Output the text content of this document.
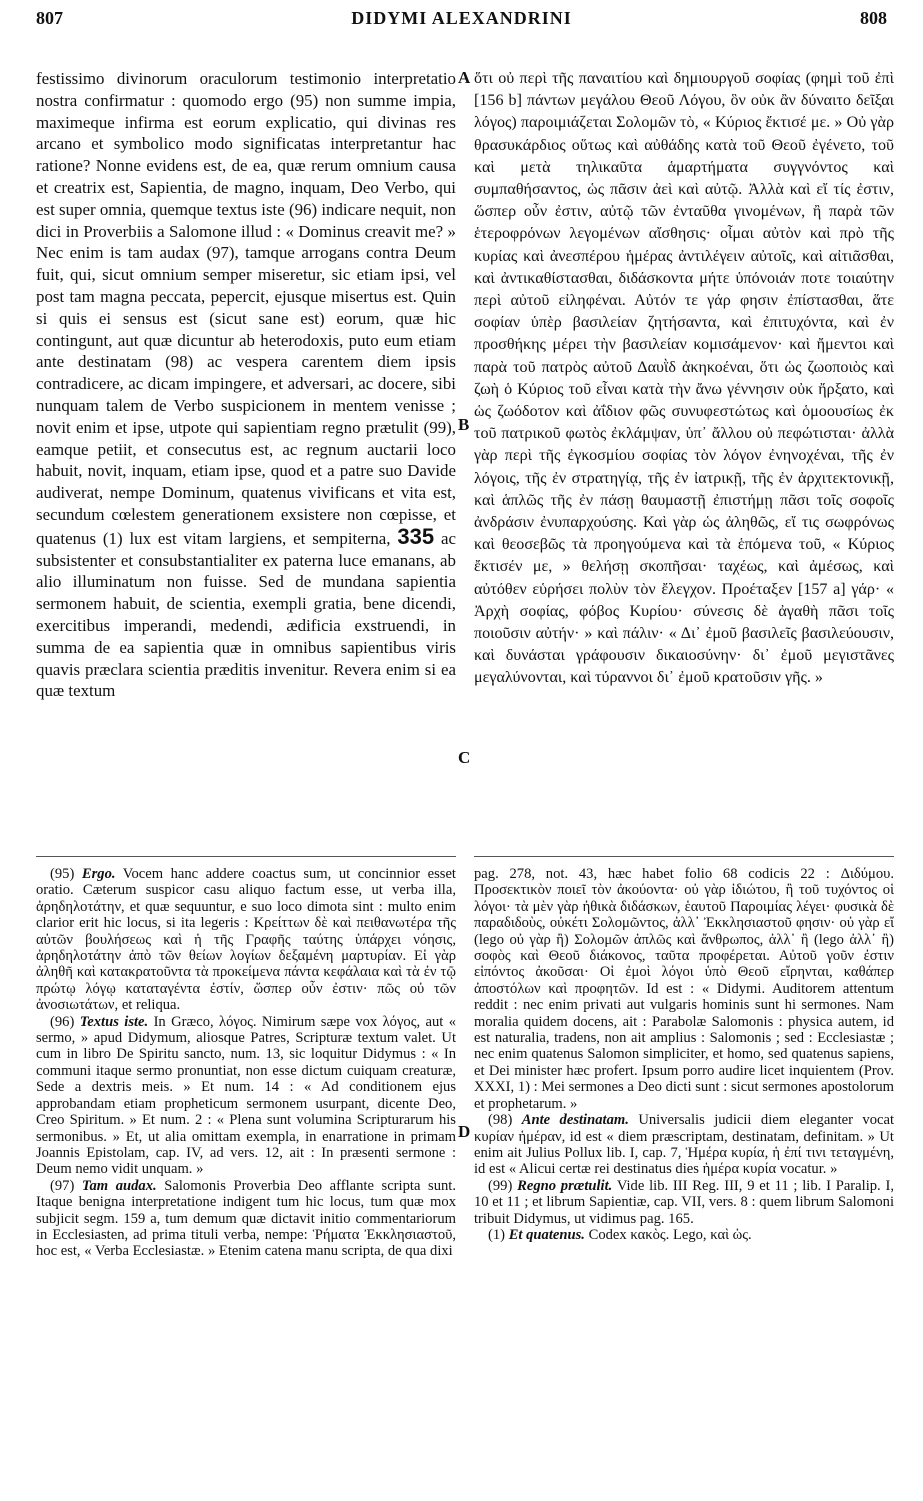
807	DIDYMI ALEXANDRINI	808

festissimo divinorum oraculorum testimonio interpretatio nostra confirmatur : quomodo ergo (95) non summe impia, maximeque infirma est eorum explicatio, qui divinas res arcano et symbolico modo significatas interpretantur hac ratione? Nonne evidens est, de ea, quæ rerum omnium causa et creatrix est, Sapientia, de magno, inquam, Deo Verbo, qui est super omnia, quemque textus iste (96) indicare nequit, non dici in Proverbiis a Salomone illud : « Dominus creavit me? » Nec enim is tam audax (97), tamque arrogans contra Deum fuit, qui, sicut omnium semper miseretur, sic etiam ipsi, vel post tam magna peccata, pepercit, ejusque misertus est. Quin si quis ei sensus est (sicut sane est) eorum, quæ hic contingunt, aut quæ dicuntur ab heterodoxis, puto eum etiam ante destinatam (98) ac vespera carentem diem ipsis contradicere, ac dicam impingere, et adversari, ac docere, sibi nunquam talem de Verbo suspicionem in mentem venisse ; novit enim et ipse, utpote qui sapientiam regno prætulit (99), eamque petiit, et consecutus est, ac regnum auctarii loco habuit, novit, inquam, etiam ipse, quod et a patre suo Davide audiverat, nempe Dominum, quatenus vivificans et vita est, secundum cœlestem generationem exsistere non cœpisse, et quatenus (1) lux est vitam largiens, et sempiterna, 335 ac subsistenter et consubstantialiter ex paterna luce emanans, ab alio illuminatum non fuisse. Sed de mundana sapientia sermonem habuit, de scientia, exempli gratia, bene dicendi, exercitibus imperandi, medendi, ædificia exstruendi, in summa de ea sapientia quæ in omnibus sapientibus viris quavis præclara scientia præditis invenitur. Revera enim si ea quæ textum

A
B
C
D

ὅτι οὐ περὶ τῆς παναιτίου καὶ δημιουργοῦ σοφίας (φημὶ τοῦ ἐπὶ [156 b] πάντων μεγάλου Θεοῦ Λόγου, ὃν οὐκ ἂν δύναιτο δεῖξαι λόγος) παροιμιάζεται Σολομῶν τὸ, « Κύριος ἔκτισέ με. » Οὐ γὰρ θρασυκάρδιος οὕτως καὶ αὐθάδης κατὰ τοῦ Θεοῦ ἐγένετο, τοῦ καὶ μετὰ τηλικαῦτα ἁμαρτήματα συγγνόντος καὶ συμπαθήσαντος, ὡς πᾶσιν ἀεὶ καὶ αὐτῷ. Ἀλλὰ καὶ εἴ τίς ἐστιν, ὥσπερ οὖν ἐστιν, αὐτῷ τῶν ἐνταῦθα γινομένων, ἢ παρὰ τῶν ἑτεροφρόνων λεγομένων αἴσθησις· οἶμαι αὐτὸν καὶ πρὸ τῆς κυρίας καὶ ἀνεσπέρου ἡμέρας ἀντιλέγειν αὐτοῖς, καὶ αἰτιᾶσθαι, καὶ ἀντικαθίστασθαι, διδάσκοντα μήτε ὑπόνοιάν ποτε τοιαύτην περὶ αὐτοῦ εἰληφέναι. Αὐτόν τε γάρ φησιν ἐπίστασθαι, ἅτε σοφίαν ὑπὲρ βασιλείαν ζητήσαντα, καὶ ἐπιτυχόντα, καὶ ἐν προσθήκης μέρει τὴν βασιλείαν κομισάμενον· καὶ ἤμεντοι καὶ παρὰ τοῦ πατρὸς αὐτοῦ Δαυῒδ ἀκηκοέναι, ὅτι ὡς ζωοποιὸς καὶ ζωὴ ὁ Κύριος τοῦ εἶναι κατὰ τὴν ἄνω γέννησιν οὐκ ἤρξατο, καὶ ὡς ζωόδοτον καὶ ἀΐδιον φῶς συνυφεστώτως καὶ ὁμοουσίως ἐκ τοῦ πατρικοῦ φωτὸς ἐκλάμψαν, ὑπ᾽ ἄλλου οὐ πεφώτισται· ἀλλὰ γὰρ περὶ τῆς ἐγκοσμίου σοφίας τὸν λόγον ἐνηνοχέναι, τῆς ἐν λόγοις, τῆς ἐν στρατηγίᾳ, τῆς ἐν ἰατρικῇ, τῆς ἐν ἀρχιτεκτονικῇ, καὶ ἁπλῶς τῆς ἐν πάσῃ θαυμαστῇ ἐπιστήμῃ πᾶσι τοῖς σοφοῖς ἀνδράσιν ἐνυπαρχούσης. Καὶ γὰρ ὡς ἀληθῶς, εἴ τις σωφρόνως καὶ θεοσεβῶς τὰ προηγούμενα καὶ τὰ ἑπόμενα τοῦ, « Κύριος ἔκτισέν με, » θελήσῃ σκοπῆσαι· ταχέως, καὶ ἀμέσως, καὶ αὐτόθεν εὑρήσει πολὺν τὸν ἔλεγχον. Προέταξεν [157 a] γάρ· « Ἀρχὴ σοφίας, φόβος Κυρίου· σύνεσις δὲ ἀγαθὴ πᾶσι τοῖς ποιοῦσιν αὐτήν· » καὶ πάλιν· « Δι᾽ ἐμοῦ βασιλεῖς βασιλεύουσιν, καὶ δυνάσται γράφουσιν δικαιοσύνην· δι᾽ ἐμοῦ μεγιστᾶνες μεγαλύνονται, καὶ τύραννοι δι᾽ ἐμοῦ κρατοῦσιν γῆς. »

(95) Ergo. Vocem hanc addere coactus sum, ut concinnior esset oratio. Cæterum suspicor casu aliquo factum esse, ut verba illa, ἀρηδηλοτάτην, et quæ sequuntur, e suo loco dimota sint : multo enim clarior erit hic locus, si ita legeris : Κρείττων δὲ καὶ πειθανωτέρα τῆς αὐτῶν βουλήσεως καὶ ἡ τῆς Γραφῆς ταύτης ὑπάρχει νόησις, ἀρηδηλοτάτην ἀπὸ τῶν θείων λογίων δεξαμένη μαρτυρίαν. Εἰ γὰρ ἀληθῆ καὶ κατακρατοῦντα τὰ προκείμενα πάντα κεφάλαια καὶ τὰ ἐν τῷ πρώτῳ λόγῳ καταταγέντα ἐστίν, ὥσπερ οὖν ἐστιν· πῶς οὐ τῶν ἀνοσιωτάτων, et reliqua.

(96) Textus iste. In Græco, λόγος. Nimirum sæpe vox λόγος, aut « sermo, » apud Didymum, aliosque Patres, Scripturæ textum valet. Ut cum in libro De Spiritu sancto, num. 13, sic loquitur Didymus : « In communi itaque sermo pronuntiat, non esse dictum cuiquam creaturæ, Sede a dextris meis. » Et num. 14 : « Ad conditionem ejus approbandam etiam propheticum sermonem usurpant, dicente Deo, Creo Spiritum. » Et num. 2 : « Plena sunt volumina Scripturarum his sermonibus. » Et, ut alia omittam exempla, in enarratione in primam Joannis Epistolam, cap. IV, ad vers. 12, ait : In præsenti sermone : Deum nemo vidit unquam. »

(97) Tam audax. Salomonis Proverbia Deo afflante scripta sunt. Itaque benigna interpretatione indigent tum hic locus, tum quæ mox subjicit segm. 159 a, tum demum quæ dictavit initio commentariorum in Ecclesiasten, ad prima tituli verba, nempe: Ῥήματα Ἐκκλησιαστοῦ, hoc est, « Verba Ecclesiastæ. » Etenim catena manu scripta, de qua dixi

pag. 278, not. 43, hæc habet folio 68 codicis 22 : Διδύμου. Προσεκτικὸν ποιεῖ τὸν ἀκούοντα· οὐ γὰρ ἰδιώτου, ἢ τοῦ τυχόντος οἱ λόγοι· τὰ μὲν γὰρ ἠθικὰ διδάσκων, ἑαυτοῦ Παροιμίας λέγει· φυσικὰ δὲ παραδιδοὺς, οὐκέτι Σολομῶντος, ἀλλ᾽ Ἐκκλησιαστοῦ φησιν· οὐ γὰρ εἴ (lego οὐ γὰρ ἢ) Σολομῶν ἁπλῶς καὶ ἄνθρωπος, ἀλλ᾽ ἢ (lego ἀλλ᾽ ἢ) σοφὸς καὶ Θεοῦ διάκονος, ταῦτα προφέρεται. Αὐτοῦ γοῦν ἐστιν εἰπόντος ἀκοῦσαι· Οἱ ἐμοὶ λόγοι ὑπὸ Θεοῦ εἴρηνται, καθάπερ ἀποστόλων καὶ προφητῶν. Id est : « Didymi. Auditorem attentum reddit : nec enim privati aut vulgaris hominis sunt hi sermones. Nam moralia quidem docens, ait : Parabolæ Salomonis : physica autem, id est naturalia, tradens, non ait amplius : Salomonis ; sed : Ecclesiastæ ; nec enim quatenus Salomon simpliciter, et homo, sed quatenus sapiens, et Dei minister hæc profert. Ipsum porro audire licet inquientem (Prov. XXXI, 1) : Mei sermones a Deo dicti sunt : sicut sermones apostolorum et prophetarum. »

(98) Ante destinatam. Universalis judicii diem eleganter vocat κυρίαν ἡμέραν, id est « diem præscriptam, destinatam, definitam. » Ut enim ait Julius Pollux lib. I, cap. 7, Ἡμέρα κυρία, ἡ ἐπί τινι τεταγμένη, id est « Alicui certæ rei destinatus dies ἡμέρα κυρία vocatur. »

(99) Regno prætulit. Vide lib. III Reg. III, 9 et 11 ; lib. I Paralip. I, 10 et 11 ; et librum Sapientiæ, cap. VII, vers. 8 : quem librum Salomoni tribuit Didymus, ut vidimus pag. 165.

(1) Et quatenus. Codex κακὸς. Lego, καὶ ὡς.
